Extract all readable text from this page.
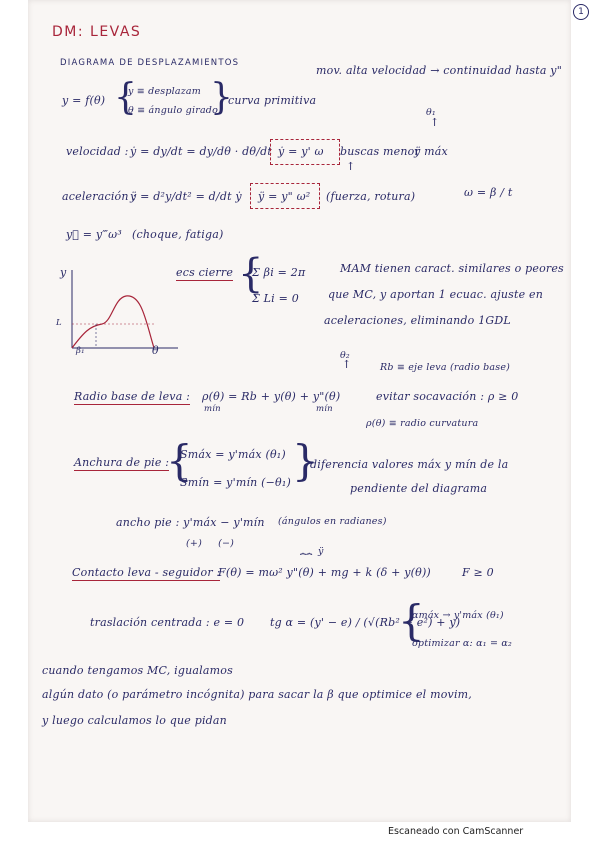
1
DM: LEVAS
DIAGRAMA DE DESPLAZAMIENTOS
mov. alta velocidad → continuidad hasta y"
y = f(θ) {
y ≡ desplazam
θ ≡ ángulo girado
}
curva primitiva
θ₁
↑
velocidad : ẏ = dy/dt = dy/dθ · dθ/dt ẏ = y' ω buscas menor
ÿ máx
↑
aceleración :
ÿ = d²y/dt² = d/dt ẏ ÿ = y" ω² (fuerza, rotura)	ω = β / t
y⃛ = y‴ω³ (choque, fatiga)
y
L
β₁	θ
ecs cierre {
Σ βi = 2π
Σ Li = 0
MAM tienen caract. similares o peores
que MC, y aportan 1 ecuac. ajuste en
aceleraciones, eliminando 1GDL
θ₂
↑	Rb ≡ eje leva (radio base)
Radio base de leva : ρ(θ) = Rb + y(θ) + y"(θ)
mín	mín
evitar socavación : ρ ≥ 0
ρ(θ) ≡ radio curvatura
Anchura de pie :
{
Smáx = y'máx (θ₁)
Smín = y'mín (−θ₁) }
diferencia valores máx y mín de la
pendiente del diagrama
ancho pie : y'máx − y'mín (ángulos en radianes)
(+)     (−)
ÿ
⏞⏞
Contacto leva - seguidor :
F(θ) = mω² y"(θ) + mg + k (δ + y(θ))	F ≥ 0
traslación centrada : e = 0 tg α = (y' − e) / (√(Rb² − e²) + y)
{
αmáx → y'máx (θ₁)
optimizar α: α₁ = α₂
cuando tengamos MC, igualamos
algún dato (o parámetro incógnita) para sacar la β que optimice el movim,
y luego calculamos lo que pidan
Escaneado con CamScanner
